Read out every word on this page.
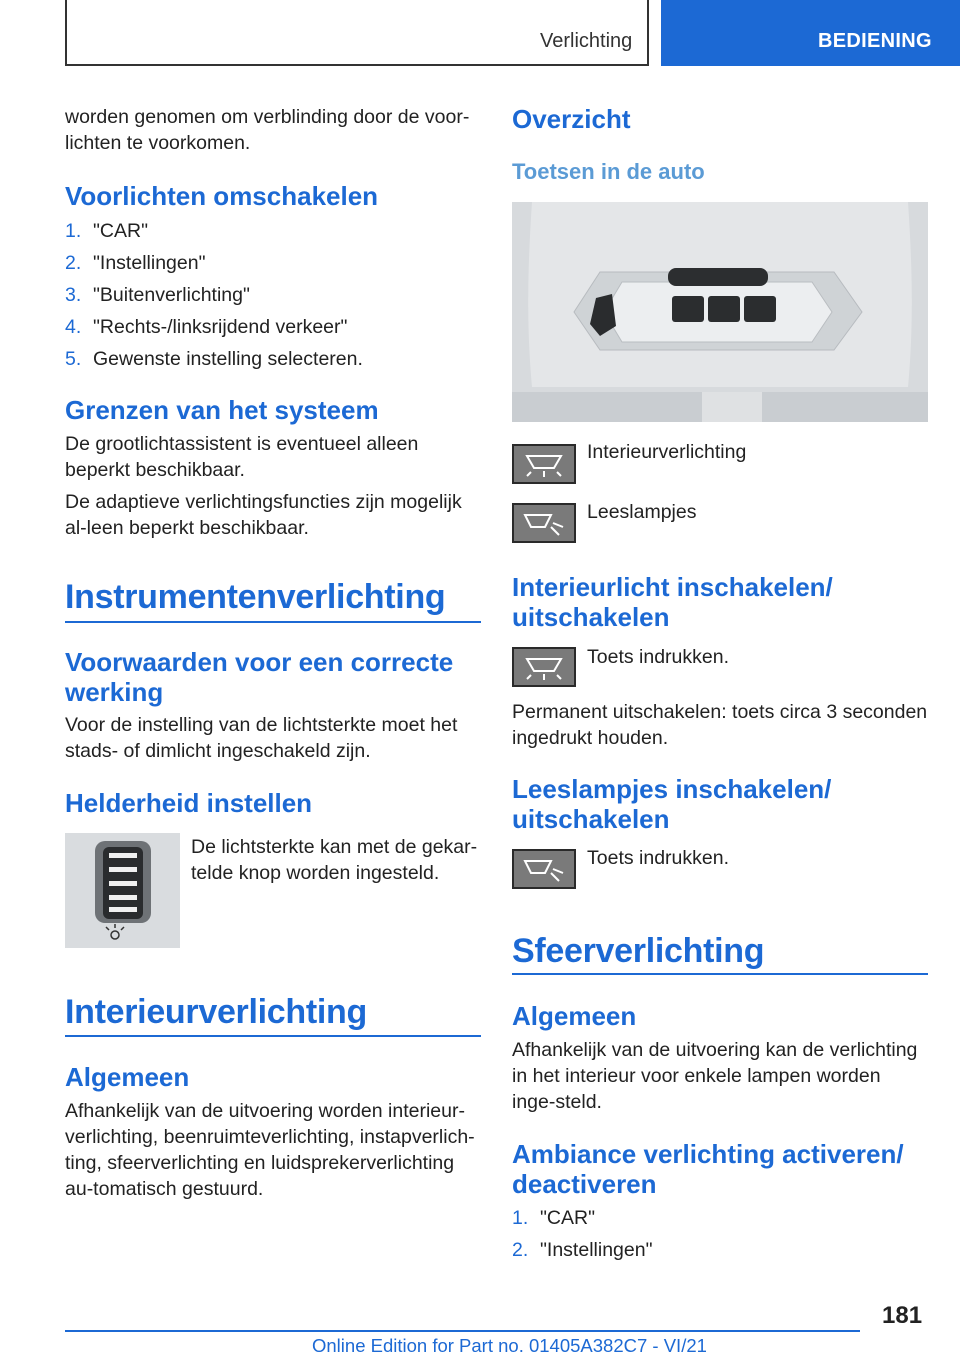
Verlichting	BEDIENING

worden genomen om verblinding door de voor-lichten te voorkomen.

Voorlichten omschakelen
1. "CAR"
2. "Instellingen"
3. "Buitenverlichting"
4. "Rechts-/linksrijdend verkeer"
5. Gewenste instelling selecteren.
Grenzen van het systeem

De grootlichtassistent is eventueel alleen beperkt beschikbaar.

De adaptieve verlichtingsfuncties zijn mogelijk al-leen beperkt beschikbaar.

Instrumentenverlichting
Voorwaarden voor een correcte werking

Voor de instelling van de lichtsterkte moet het stads- of dimlicht ingeschakeld zijn.

Helderheid instellen

De lichtsterkte kan met de gekar-telde knop worden ingesteld.

Interieurverlichting
Algemeen

Afhankelijk van de uitvoering worden interieur-verlichting, beenruimteverlichting, instapverlich-ting, sfeerverlichting en luidsprekerverlichting au-tomatisch gestuurd.

Overzicht
Toetsen in de auto
Interieurverlichting
Leeslampjes
Interieurlicht inschakelen/ uitschakelen
Toets indrukken.

Permanent uitschakelen: toets circa 3 seconden ingedrukt houden.

Leeslampjes inschakelen/ uitschakelen
Toets indrukken.
Sfeerverlichting
Algemeen

Afhankelijk van de uitvoering kan de verlichting in het interieur voor enkele lampen worden inge-steld.

Ambiance verlichting activeren/ deactiveren
1. "CAR"
2. "Instellingen"
181
Online Edition for Part no. 01405A382C7 - VI/21
